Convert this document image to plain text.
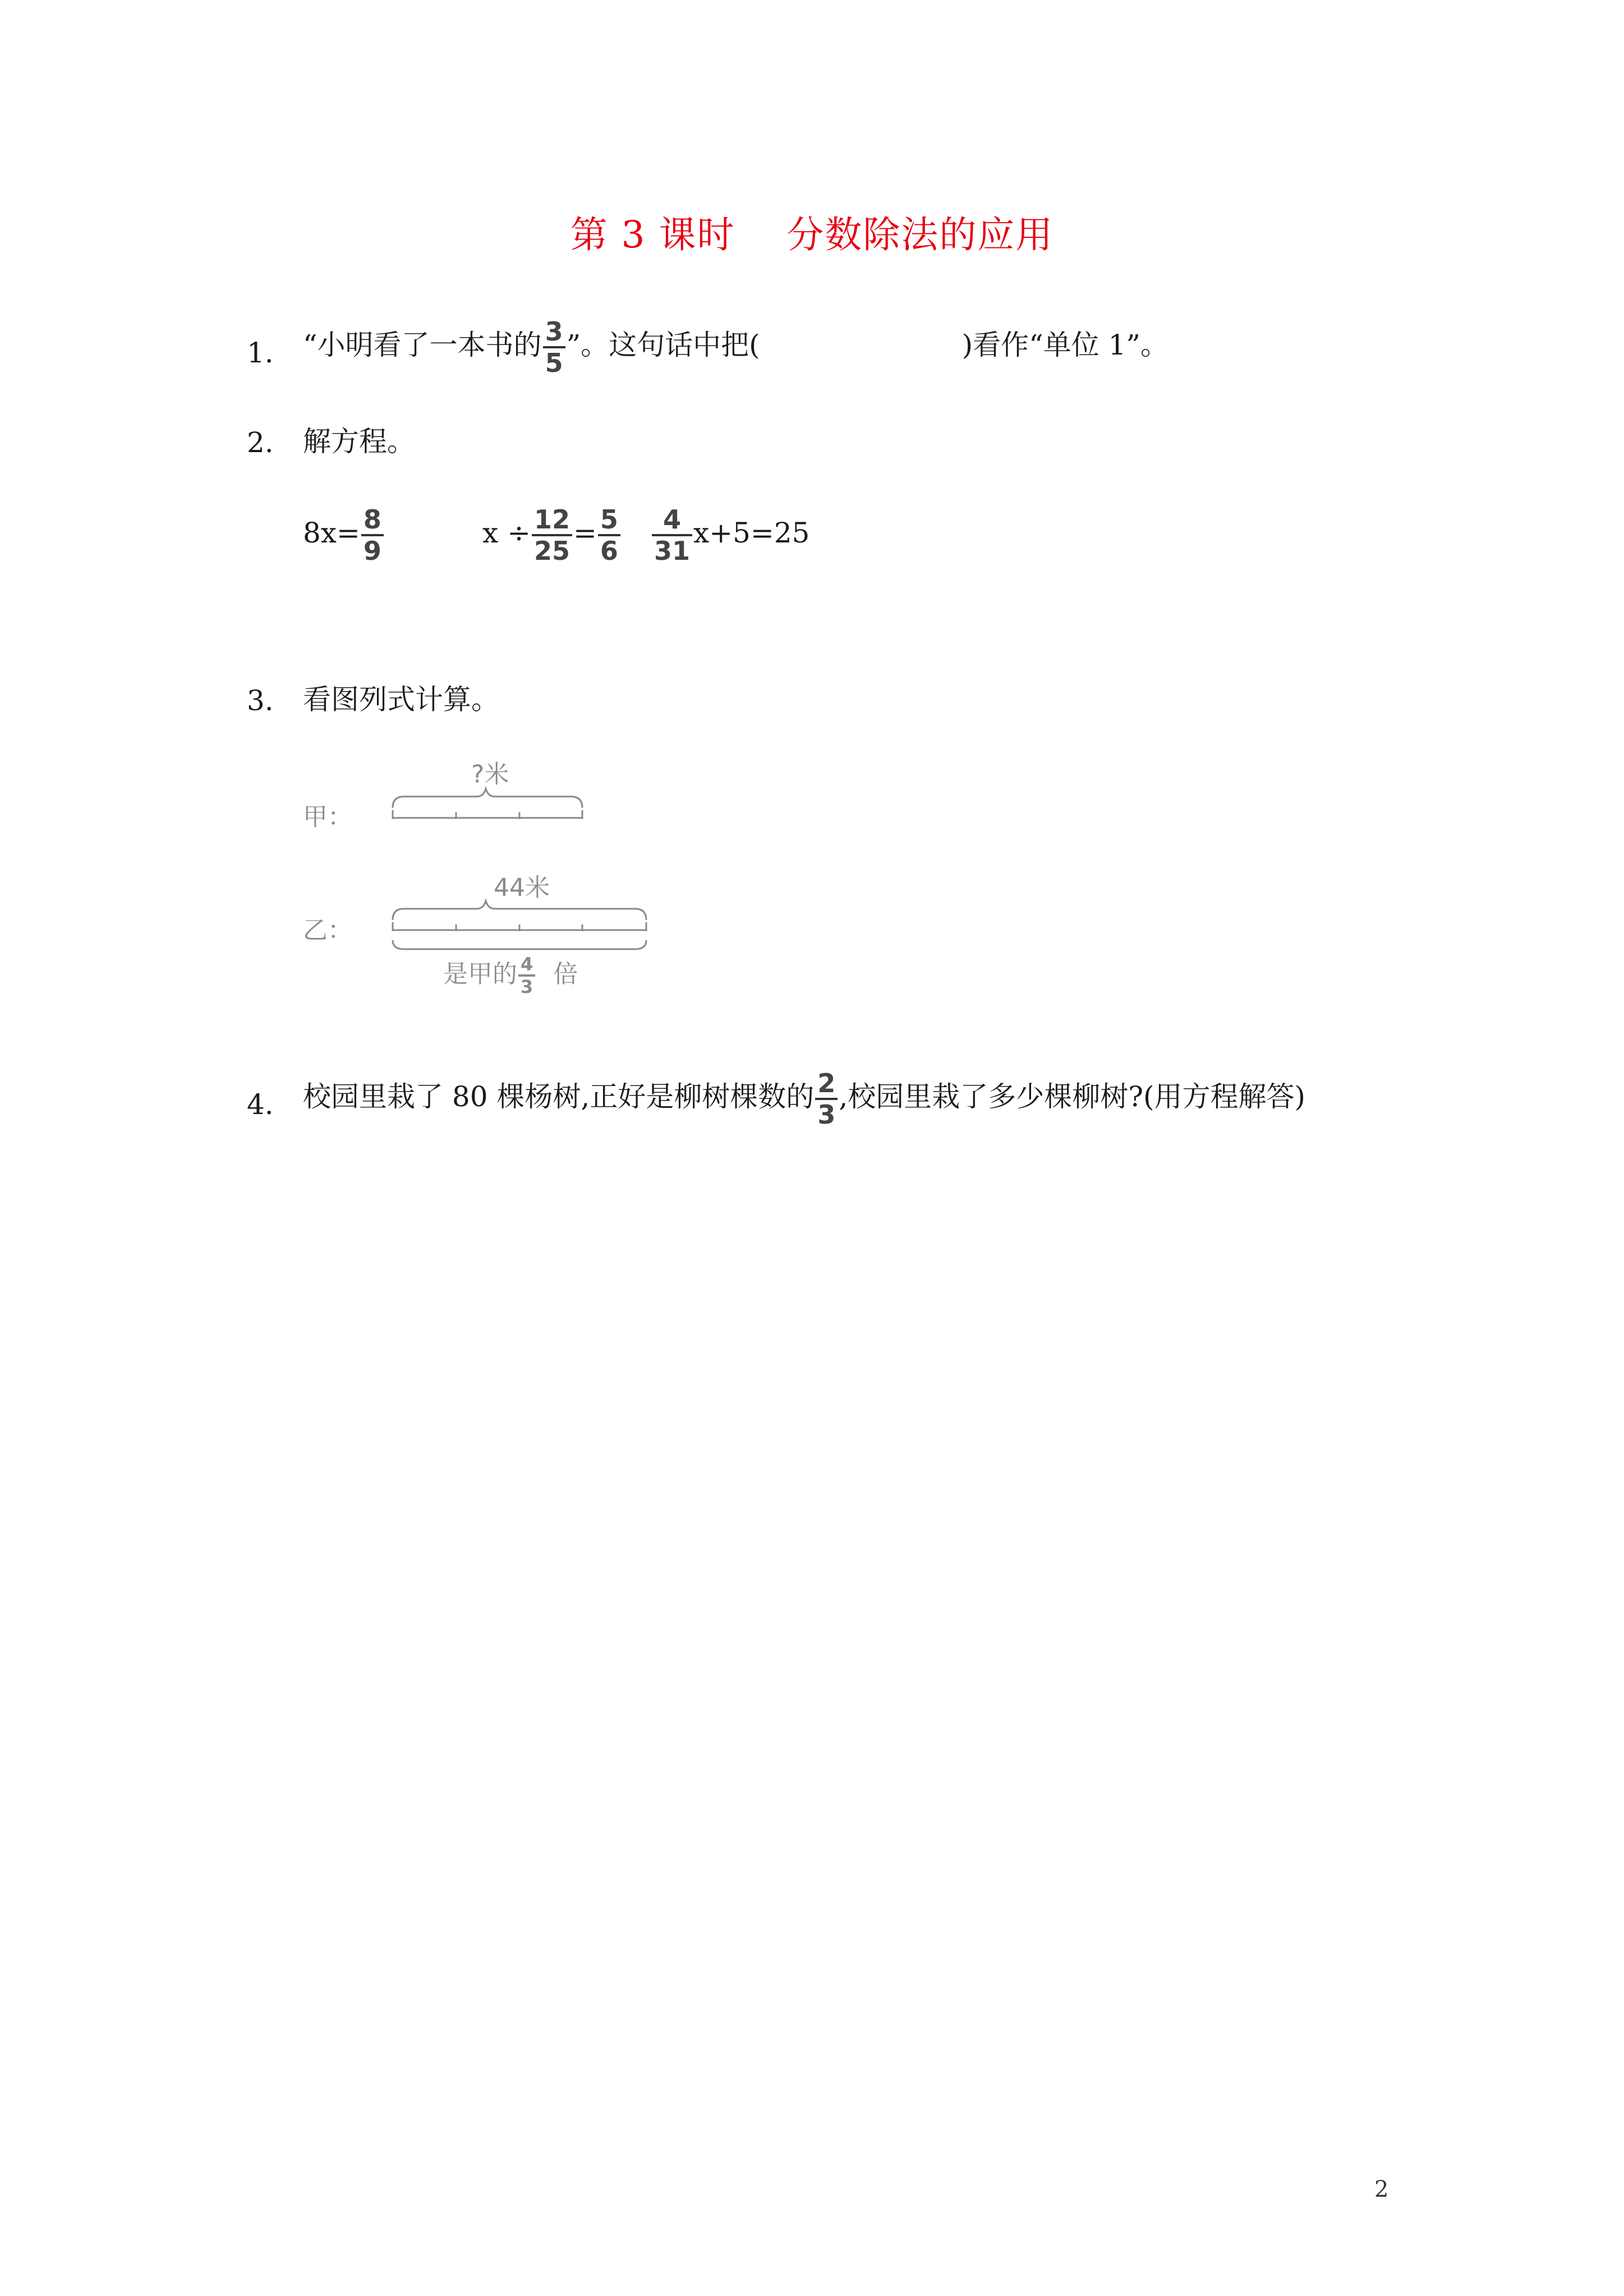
第 3 课时    分数除法的应用
1. “小明看了一本书的 $\frac{3}{5}$ ”。这句话中把(	)看作“单位 1”。
2. 解方程。
$8x= \frac{8}{9}$	$x \div \frac{12}{25} = \frac{5}{6} \frac{4}{31} x+5=25$
3. 看图列式计算。
甲：
?米
乙：
44米
是甲的 $\frac{4}{3}$ 倍
4. 校园里栽了 80 棵杨树,正好是柳树棵数的 $\frac{2}{3}$ ,校园里栽了多少棵柳树?(用方程解答)
2
